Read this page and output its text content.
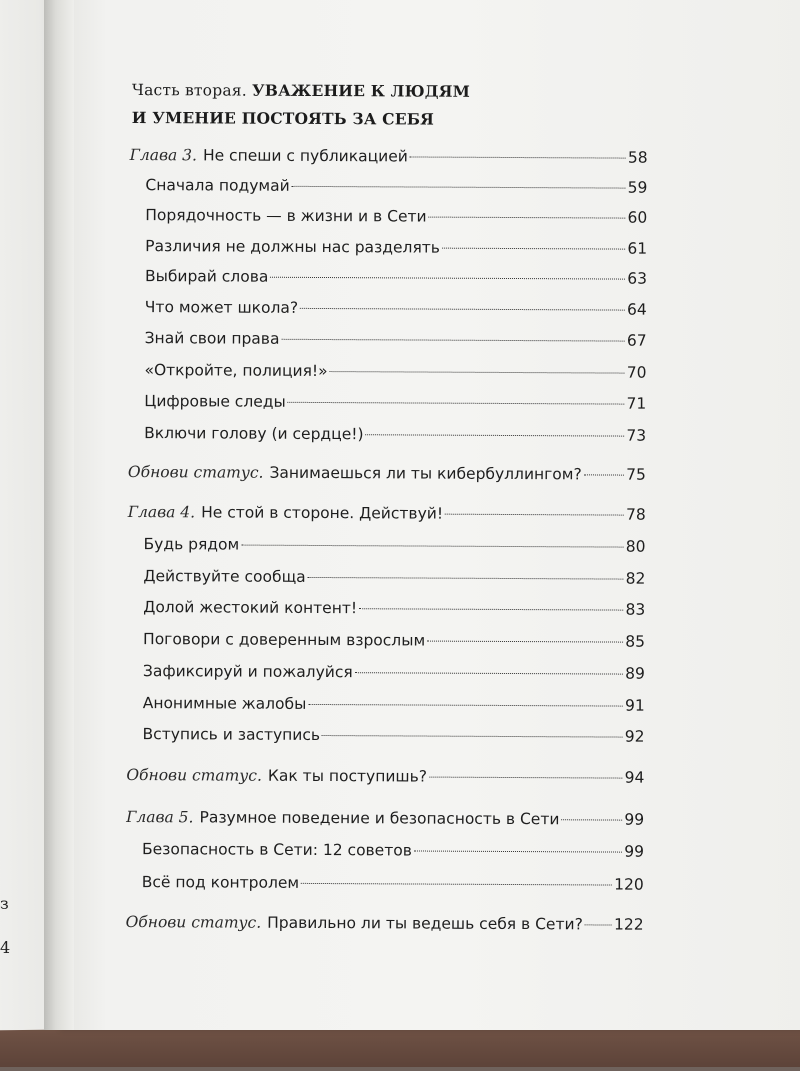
з
4
Часть вторая. УВАЖЕНИЕ К ЛЮДЯМ
И УМЕНИЕ ПОСТОЯТЬ ЗА СЕБЯ
Глава 3. Не спеши с публикацией	58
Сначала подумай	59
Порядочность — в жизни и в Сети	60
Различия не должны нас разделять	61
Выбирай слова	63
Что может школа?	64
Знай свои права	67
«Откройте, полиция!»	70
Цифровые следы	71
Включи голову (и сердце!)	73
Обнови статус. Занимаешься ли ты кибербуллингом?	75
Глава 4. Не стой в стороне. Действуй!	78
Будь рядом	80
Действуйте сообща	82
Долой жестокий контент!	83
Поговори с доверенным взрослым	85
Зафиксируй и пожалуйся	89
Анонимные жалобы	91
Вступись и заступись	92
Обнови статус. Как ты поступишь?	94
Глава 5. Разумное поведение и безопасность в Сети	99
Безопасность в Сети: 12 советов	99
Всё под контролем	120
Обнови статус. Правильно ли ты ведешь себя в Сети? 122
